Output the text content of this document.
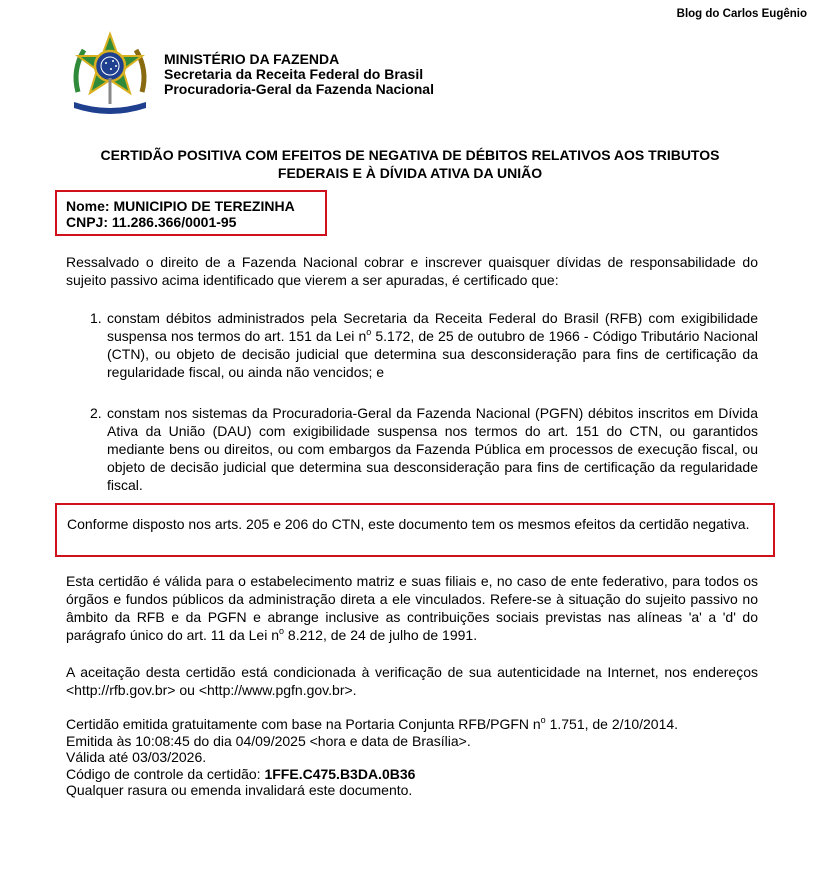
Blog do Carlos Eugênio
MINISTÉRIO DA FAZENDA
Secretaria da Receita Federal do Brasil
Procuradoria-Geral da Fazenda Nacional
CERTIDÃO POSITIVA COM EFEITOS DE NEGATIVA DE DÉBITOS RELATIVOS AOS TRIBUTOS
FEDERAIS E À DÍVIDA ATIVA DA UNIÃO
Nome: MUNICIPIO DE TEREZINHA
CNPJ: 11.286.366/0001-95
Ressalvado o direito de a Fazenda Nacional cobrar e inscrever quaisquer dívidas de responsabilidade do sujeito passivo acima identificado que vierem a ser apuradas, é certificado que:
1. constam débitos administrados pela Secretaria da Receita Federal do Brasil (RFB) com exigibilidade suspensa nos termos do art. 151 da Lei $n^o$ 5.172, de 25 de outubro de 1966 - Código Tributário Nacional (CTN), ou objeto de decisão judicial que determina sua desconsideração para fins de certificação da regularidade fiscal, ou ainda não vencidos; e
2. constam nos sistemas da Procuradoria-Geral da Fazenda Nacional (PGFN) débitos inscritos em Dívida Ativa da União (DAU) com exigibilidade suspensa nos termos do art. 151 do CTN, ou garantidos mediante bens ou direitos, ou com embargos da Fazenda Pública em processos de execução fiscal, ou objeto de decisão judicial que determina sua desconsideração para fins de certificação da regularidade fiscal.
Conforme disposto nos arts. 205 e 206 do CTN, este documento tem os mesmos efeitos da certidão negativa.
Esta certidão é válida para o estabelecimento matriz e suas filiais e, no caso de ente federativo, para todos os órgãos e fundos públicos da administração direta a ele vinculados. Refere-se à situação do sujeito passivo no âmbito da RFB e da PGFN e abrange inclusive as contribuições sociais previstas nas alíneas 'a' a 'd' do parágrafo único do art. 11 da Lei $n^o$ 8.212, de 24 de julho de 1991.
A aceitação desta certidão está condicionada à verificação de sua autenticidade na Internet, nos endereços <http://rfb.gov.br> ou <http://www.pgfn.gov.br>.
Certidão emitida gratuitamente com base na Portaria Conjunta RFB/PGFN $n^o$ 1.751, de 2/10/2014.
Emitida às 10:08:45 do dia 04/09/2025 <hora e data de Brasília>.
Válida até 03/03/2026.
Código de controle da certidão: 1FFE.C475.B3DA.0B36
Qualquer rasura ou emenda invalidará este documento.
